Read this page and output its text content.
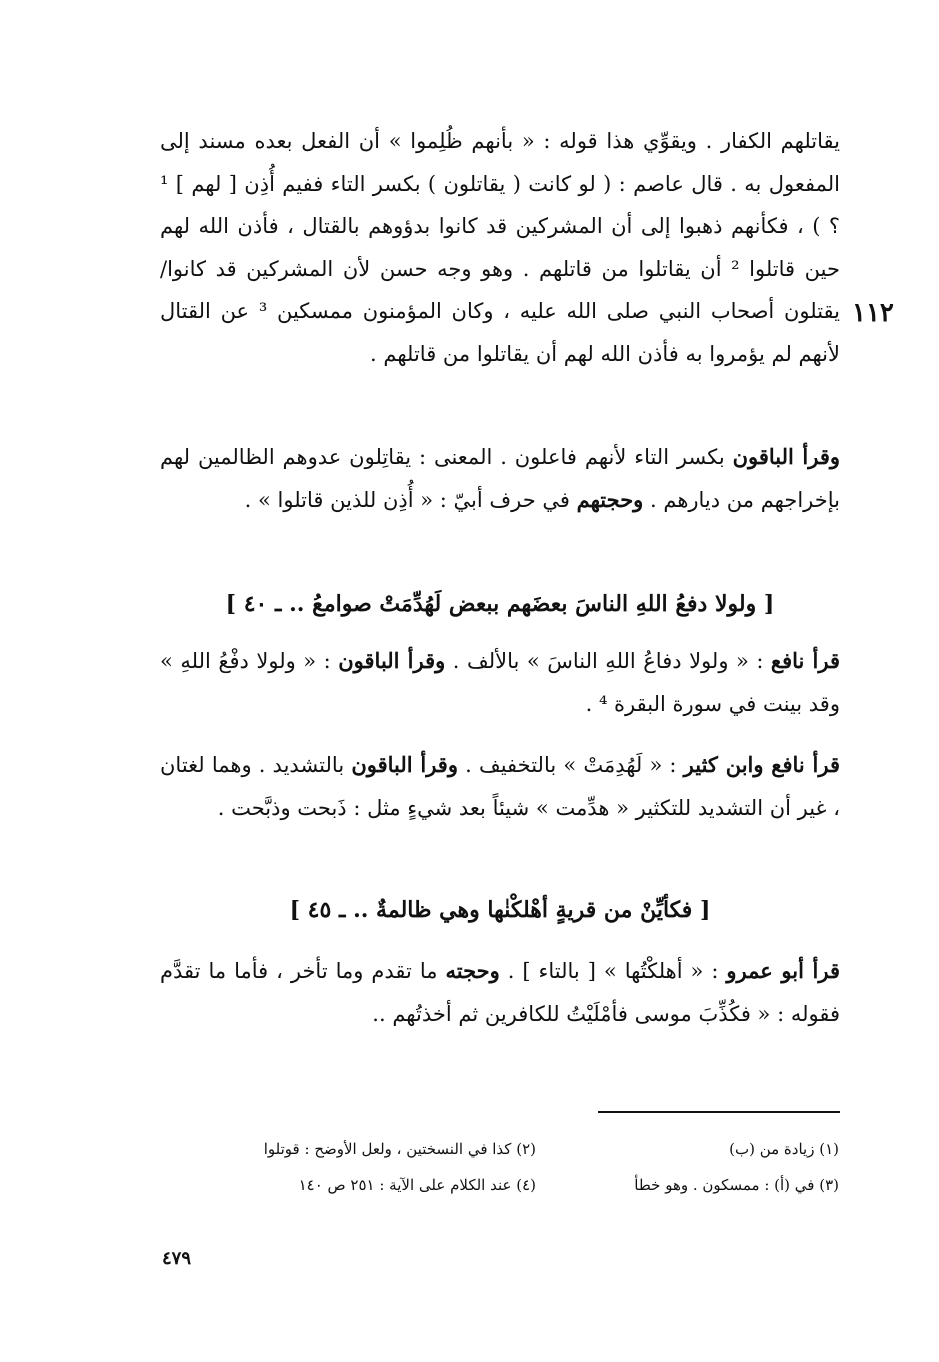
١١٢

يقاتلهم الكفار . ويقوِّي هذا قوله : « بأنهم ظُلِموا » أن الفعل بعده مسند إلى المفعول به . قال عاصم : ( لو كانت ( يقاتلون ) بكسر التاء ففيم أُذِن [ لهم ] ¹ ؟ ) ، فكأنهم ذهبوا إلى أن المشركين قد كانوا بدؤوهم بالقتال ، فأذن الله لهم حين قاتلوا ² أن يقاتلوا من قاتلهم . وهو وجه حسن لأن المشركين قد كانوا/يقتلون أصحاب النبي صلى الله عليه ، وكان المؤمنون ممسكين ³ عن القتال لأنهم لم يؤمروا به فأذن الله لهم أن يقاتلوا من قاتلهم .

وقرأ الباقون بكسر التاء لأنهم فاعلون . المعنى : يقاتِلون عدوهم الظالمين لهم بإخراجهم من ديارهم . وحجتهم في حرف أبيّ : « أُذِن للذين قاتلوا » .

[ ولولا دفعُ اللهِ الناسَ بعضَهم ببعض لَهُدِّمَتْ صوامعُ .. ـ ٤٠ ]

قرأ نافع : « ولولا دفاعُ اللهِ الناسَ » بالألف . وقرأ الباقون : « ولولا دفْعُ اللهِ » وقد بينت في سورة البقرة ⁴ .

قرأ نافع وابن كثير : « لَهُدِمَتْ » بالتخفيف . وقرأ الباقون بالتشديد . وهما لغتان ، غير أن التشديد للتكثير « هدِّمت » شيئاً بعد شيءٍ مثل : ذَبحت وذبَّحت .

[ فكأيِّنْ من قريةٍ أهْلكْنٰها وهي ظالمةٌ .. ـ ٤٥ ]

قرأ أبو عمرو : « أهلكْتُها » [ بالتاء ] . وحجته ما تقدم وما تأخر ، فأما ما تقدَّم فقوله : « فكُذِّبَ موسى فأمْلَيْتُ للكافرين ثم أخذتُهم ..

(١) زيادة من (ب)
(٢) كذا في النسختين ، ولعل الأوضح : قوتلوا
(٣) في (أ) : ممسكون . وهو خطأ
(٤) عند الكلام على الآية : ٢٥١ ص ١٤٠
٤٧٩
